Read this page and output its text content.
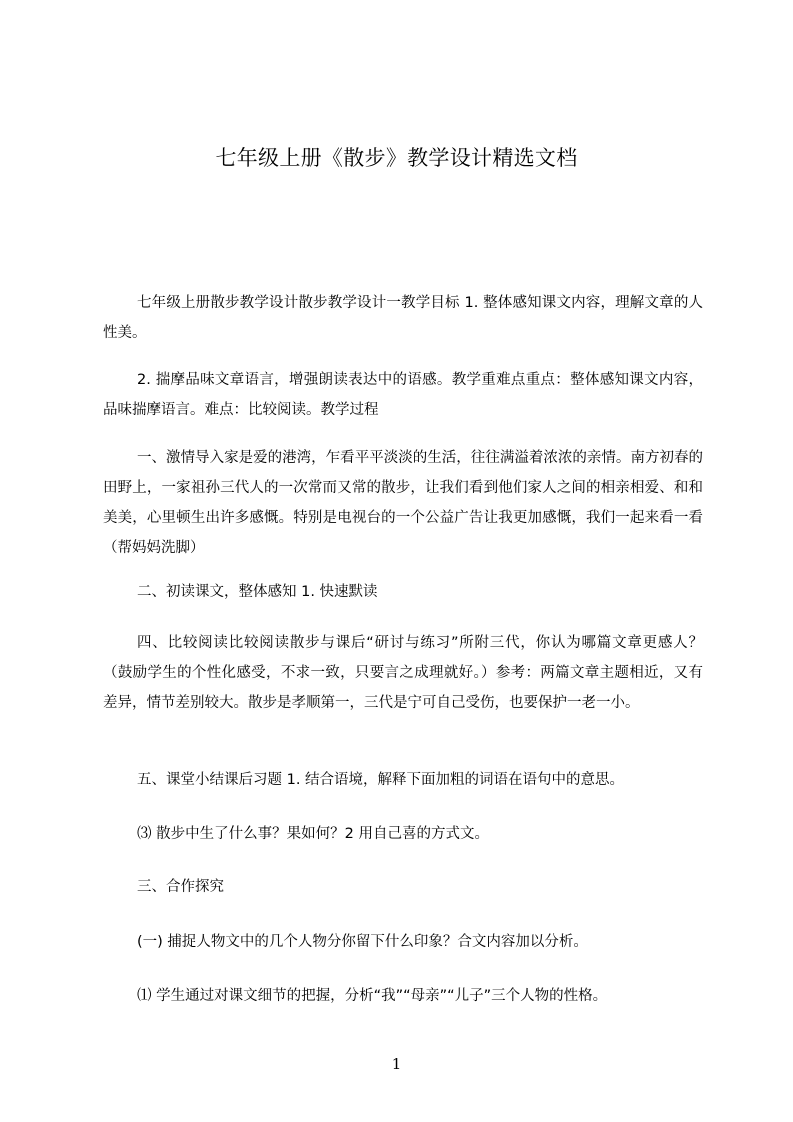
七年级上册《散步》教学设计精选文档

七年级上册散步教学设计散步教学设计一教学目标 1. 整体感知课文内容，理解文章的人性美。

2. 揣摩品味文章语言，增强朗读表达中的语感。教学重难点重点：整体感知课文内容，品味揣摩语言。难点：比较阅读。教学过程

一、激情导入家是爱的港湾，乍看平平淡淡的生活，往往满溢着浓浓的亲情。南方初春的田野上，一家祖孙三代人的一次常而又常的散步，让我们看到他们家人之间的相亲相爱、和和美美，心里顿生出许多感慨。特别是电视台的一个公益广告让我更加感慨，我们一起来看一看（帮妈妈洗脚）

二、初读课文，整体感知 1. 快速默读

四、比较阅读比较阅读散步与课后“研讨与练习”所附三代，你认为哪篇文章更感人？（鼓励学生的个性化感受，不求一致，只要言之成理就好。）参考：两篇文章主题相近，又有差异，情节差别较大。散步是孝顺第一，三代是宁可自己受伤，也要保护一老一小。

五、课堂小结课后习题 1. 结合语境，解释下面加粗的词语在语句中的意思。

⑶ 散步中生了什么事？果如何？2 用自己喜的方式文。

三、合作探究

(一) 捕捉人物文中的几个人物分你留下什么印象？合文内容加以分析。

⑴ 学生通过对课文细节的把握，分析“我”“母亲”“儿子”三个人物的性格。

1
